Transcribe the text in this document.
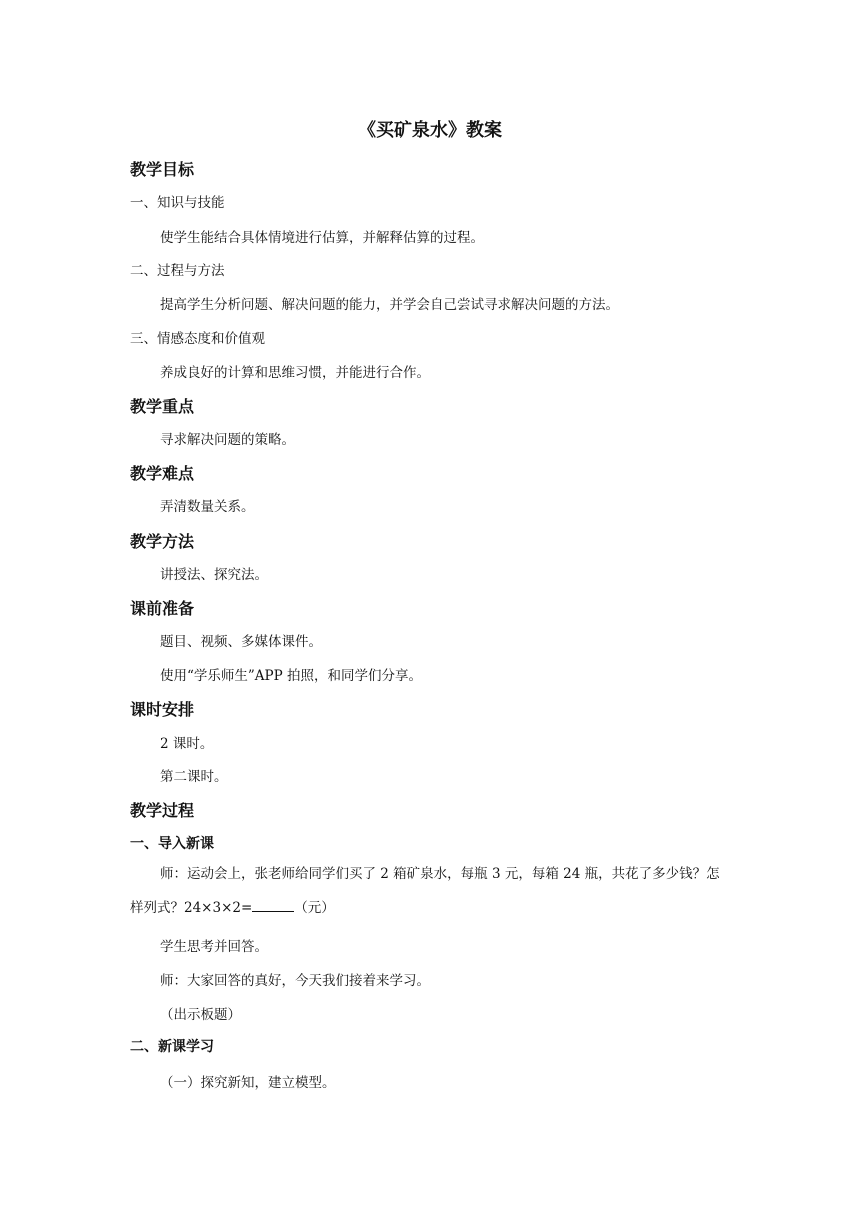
《买矿泉水》教案
教学目标
一、知识与技能
使学生能结合具体情境进行估算，并解释估算的过程。
二、过程与方法
提高学生分析问题、解决问题的能力，并学会自己尝试寻求解决问题的方法。
三、情感态度和价值观
养成良好的计算和思维习惯，并能进行合作。
教学重点
寻求解决问题的策略。
教学难点
弄清数量关系。
教学方法
讲授法、探究法。
课前准备
题目、视频、多媒体课件。
使用“学乐师生”APP 拍照，和同学们分享。
课时安排
2 课时。
第二课时。
教学过程
一、导入新课
师：运动会上，张老师给同学们买了 2 箱矿泉水，每瓶 3 元，每箱 24 瓶，共花了多少钱？怎样列式？24×3×2=	（元）
学生思考并回答。
师：大家回答的真好，今天我们接着来学习。
（出示板题）
二、新课学习
（一）探究新知，建立模型。
